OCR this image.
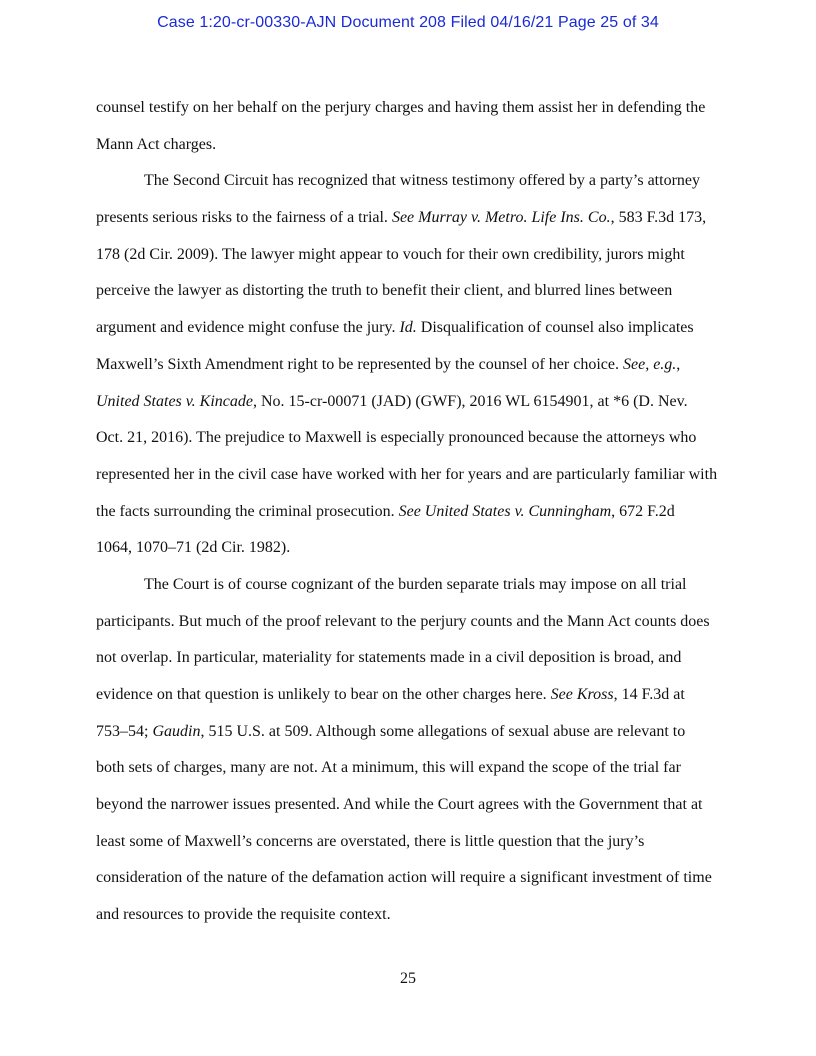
Case 1:20-cr-00330-AJN Document 208 Filed 04/16/21 Page 25 of 34
counsel testify on her behalf on the perjury charges and having them assist her in defending the
Mann Act charges.
The Second Circuit has recognized that witness testimony offered by a party’s attorney
presents serious risks to the fairness of a trial. See Murray v. Metro. Life Ins. Co., 583 F.3d 173,
178 (2d Cir. 2009). The lawyer might appear to vouch for their own credibility, jurors might
perceive the lawyer as distorting the truth to benefit their client, and blurred lines between
argument and evidence might confuse the jury. Id. Disqualification of counsel also implicates
Maxwell’s Sixth Amendment right to be represented by the counsel of her choice. See, e.g.,
United States v. Kincade, No. 15-cr-00071 (JAD) (GWF), 2016 WL 6154901, at *6 (D. Nev.
Oct. 21, 2016). The prejudice to Maxwell is especially pronounced because the attorneys who
represented her in the civil case have worked with her for years and are particularly familiar with
the facts surrounding the criminal prosecution. See United States v. Cunningham, 672 F.2d
1064, 1070–71 (2d Cir. 1982).
The Court is of course cognizant of the burden separate trials may impose on all trial
participants. But much of the proof relevant to the perjury counts and the Mann Act counts does
not overlap. In particular, materiality for statements made in a civil deposition is broad, and
evidence on that question is unlikely to bear on the other charges here. See Kross, 14 F.3d at
753–54; Gaudin, 515 U.S. at 509. Although some allegations of sexual abuse are relevant to
both sets of charges, many are not. At a minimum, this will expand the scope of the trial far
beyond the narrower issues presented. And while the Court agrees with the Government that at
least some of Maxwell’s concerns are overstated, there is little question that the jury’s
consideration of the nature of the defamation action will require a significant investment of time
and resources to provide the requisite context.
25
